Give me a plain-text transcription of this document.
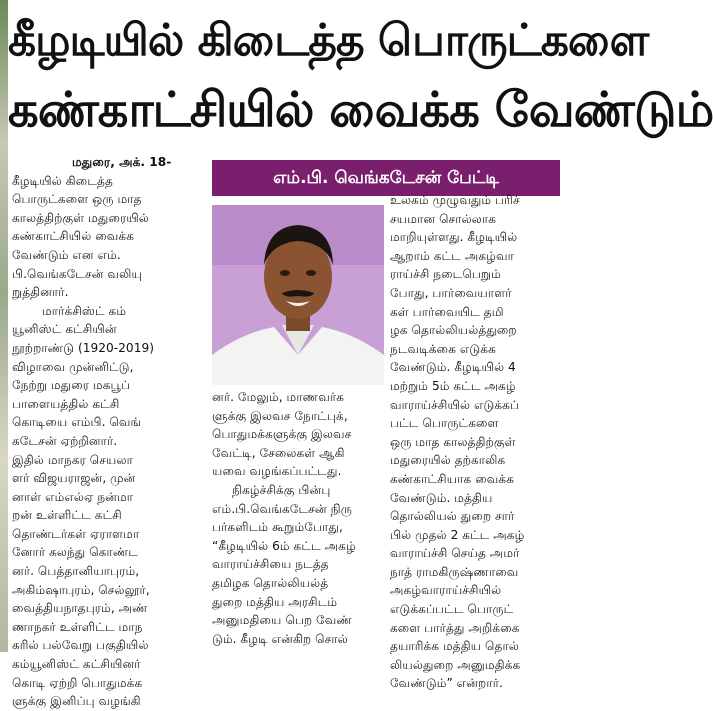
கீழடியில் கிடைத்த பொருட்களை
கண்காட்சியில் வைக்க வேண்டும்
மதுரை, அக். 18-
கீழடியில் கிடைத்த
பொருட்களை ஒரு மாத
காலத்திற்குள் மதுரையில்
கண்காட்சியில் வைக்க
வேண்டும் என எம்.
பி.வெங்கடேசன் வலியு
றுத்தினார்.
மார்க்சிஸ்ட் கம்
யூனிஸ்ட் கட்சியின்
நூற்றாண்டு (1920-2019)
விழாவை முன்னிட்டு,
நேற்று மதுரை மகபூப்
பாளையத்தில் கட்சி
கொடியை எம்பி. வெங்
கடேசன் ஏற்றினார்.
இதில் மாநகர செயலா
ளர் விஜயராஜன், முன்
னாள் எம்எல்ஏ நன்மா
றன் உள்ளிட்ட கட்சி
தொண்டர்கள் ஏராளமா
னோர் கலந்து கொண்ட
னர். பெத்தானியாபுரம்,
அகிம்ஷாபுரம், செல்லூர்,
வைத்தியநாதபுரம், அண்
ணாநகர் உள்ளிட்ட மாந
கரில் பல்வேறு பகுதியில்
கம்யூனிஸ்ட் கட்சியினர்
கொடி ஏற்றி பொதுமக்க
ளுக்கு இனிப்பு வழங்கி
எம்.பி. வெங்கடேசன் பேட்டி
னர். மேலும், மாணவர்க
ளுக்கு இலவச நோட்புக்,
பொதுமக்களுக்கு இலவச
வேட்டி, சேலைகள் ஆகி
யவை வழங்கப்பட்டது.
நிகழ்ச்சிக்கு பின்பு
எம்.பி.வெங்கடேசன் நிரு
பர்களிடம் கூறும்போது,
“கீழடியில் 6ம் கட்ட அகழ்
வாராய்ச்சியை நடத்த
தமிழக தொல்லியல்த்
துறை மத்திய அரசிடம்
அனுமதியை பெற வேண்
டும். கீழடி என்கிற சொல்
உலகம் முழுவதும் பரிச்
சயமான சொல்லாக
மாறியுள்ளது. கீழடியில்
ஆறாம் கட்ட அகழ்வா
ராய்ச்சி நடைபெறும்
போது, பார்வையாளர்
கள் பார்வையிட தமி
ழக தொல்லியல்த்துறை
நடவடிக்கை எடுக்க
வேண்டும். கீழடியில் 4
மற்றும் 5ம் கட்ட அகழ்
வாராய்ச்சியில் எடுக்கப்
பட்ட பொருட்களை
ஒரு மாத காலத்திற்குள்
மதுரையில் தற்காலிக
கண்காட்சியாக வைக்க
வேண்டும். மத்திய
தொல்லியல் துறை சார்
பில் முதல் 2 கட்ட அகழ்
வாராய்ச்சி செய்த அமர்
நாத் ராமகிருஷ்ணாவை
அகழ்வாராய்ச்சியில்
எடுக்கப்பட்ட பொருட்
களை பார்த்து அறிக்கை
தயாரிக்க மத்திய தொல்
லியல்துறை அனுமதிக்க
வேண்டும்” என்றார்.
